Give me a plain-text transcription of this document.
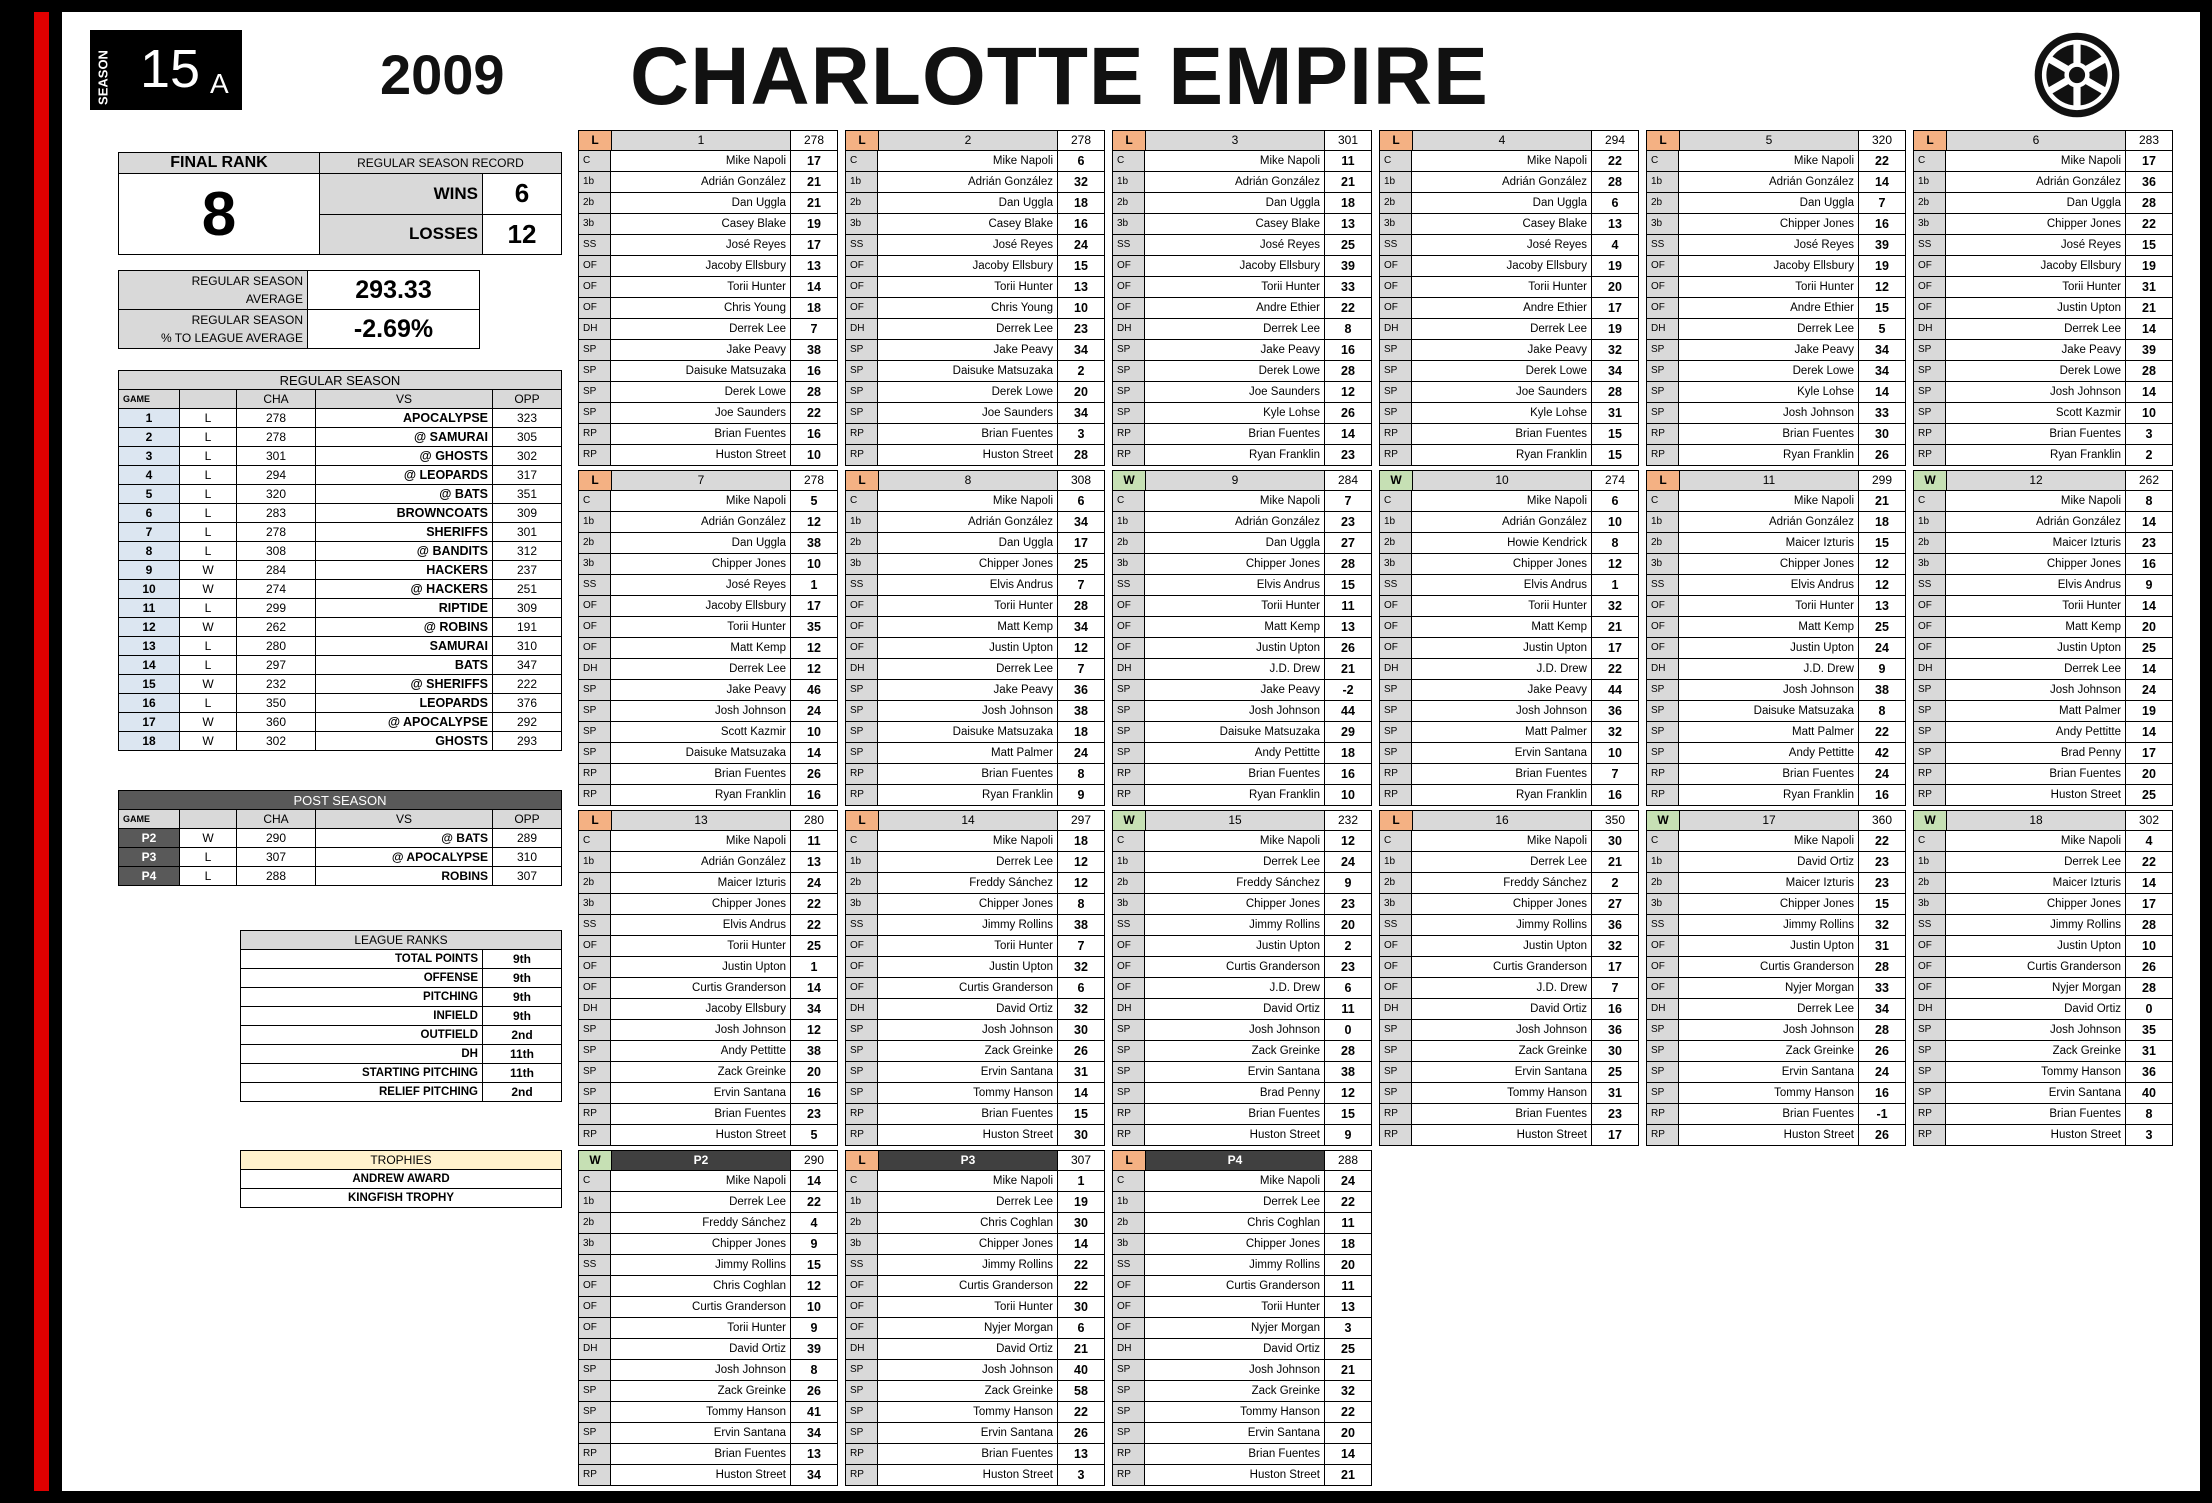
SEASON 15 A	2009 CHARLOTTE EMPIRE
FINAL RANK	REGULAR SEASON RECORD	
8	WINS	6
	LOSSES	12
REGULAR SEASON
AVERAGE	293.33
REGULAR SEASON
% TO LEAGUE AVERAGE	-2.69%
REGULAR SEASON				
GAME		CHA	VS	OPP
1	L	278	APOCALYPSE	323
2	L	278	@ SAMURAI	305
3	L	301	@ GHOSTS	302
4	L	294	@ LEOPARDS	317
5	L	320	@ BATS	351
6	L	283	BROWNCOATS	309
7	L	278	SHERIFFS	301
8	L	308	@ BANDITS	312
9	W	284	HACKERS	237
10	W	274	@ HACKERS	251
11	L	299	RIPTIDE	309
12	W	262	@ ROBINS	191
13	L	280	SAMURAI	310
14	L	297	BATS	347
15	W	232	@ SHERIFFS	222
16	L	350	LEOPARDS	376
17	W	360	@ APOCALYPSE	292
18	W	302	GHOSTS	293
POST SEASON				
GAME		CHA	VS	OPP
P2	W	290	@ BATS	289
P3	L	307	@ APOCALYPSE	310
P4	L	288	ROBINS	307
LEAGUE RANKS	
TOTAL POINTS	9th
OFFENSE	9th
PITCHING	9th
INFIELD	9th
OUTFIELD	2nd
DH	11th
STARTING PITCHING	11th
RELIEF PITCHING	2nd
TROPHIES
ANDREW AWARD
KINGFISH TROPHY
L	1	278
C	Mike Napoli	17
1b	Adrián González	21
2b	Dan Uggla	21
3b	Casey Blake	19
SS	José Reyes	17
OF	Jacoby Ellsbury	13
OF	Torii Hunter	14
OF	Chris Young	18
DH	Derrek Lee	7
SP	Jake Peavy	38
SP	Daisuke Matsuzaka	16
SP	Derek Lowe	28
SP	Joe Saunders	22
RP	Brian Fuentes	16
RP	Huston Street	10
L	2	278
C	Mike Napoli	6
1b	Adrián González	32
2b	Dan Uggla	18
3b	Casey Blake	16
SS	José Reyes	24
OF	Jacoby Ellsbury	15
OF	Torii Hunter	13
OF	Chris Young	10
DH	Derrek Lee	23
SP	Jake Peavy	34
SP	Daisuke Matsuzaka	2
SP	Derek Lowe	20
SP	Joe Saunders	34
RP	Brian Fuentes	3
RP	Huston Street	28
L	3	301
C	Mike Napoli	11
1b	Adrián González	21
2b	Dan Uggla	18
3b	Casey Blake	13
SS	José Reyes	25
OF	Jacoby Ellsbury	39
OF	Torii Hunter	33
OF	Andre Ethier	22
DH	Derrek Lee	8
SP	Jake Peavy	16
SP	Derek Lowe	28
SP	Joe Saunders	12
SP	Kyle Lohse	26
RP	Brian Fuentes	14
RP	Ryan Franklin	23
L	4	294
C	Mike Napoli	22
1b	Adrián González	28
2b	Dan Uggla	6
3b	Casey Blake	13
SS	José Reyes	4
OF	Jacoby Ellsbury	19
OF	Torii Hunter	20
OF	Andre Ethier	17
DH	Derrek Lee	19
SP	Jake Peavy	32
SP	Derek Lowe	34
SP	Joe Saunders	28
SP	Kyle Lohse	31
RP	Brian Fuentes	15
RP	Ryan Franklin	15
L	5	320
C	Mike Napoli	22
1b	Adrián González	14
2b	Dan Uggla	7
3b	Chipper Jones	16
SS	José Reyes	39
OF	Jacoby Ellsbury	19
OF	Torii Hunter	12
OF	Andre Ethier	15
DH	Derrek Lee	5
SP	Jake Peavy	34
SP	Derek Lowe	34
SP	Kyle Lohse	14
SP	Josh Johnson	33
RP	Brian Fuentes	30
RP	Ryan Franklin	26
L	6	283
C	Mike Napoli	17
1b	Adrián González	36
2b	Dan Uggla	28
3b	Chipper Jones	22
SS	José Reyes	15
OF	Jacoby Ellsbury	19
OF	Torii Hunter	31
OF	Justin Upton	21
DH	Derrek Lee	14
SP	Jake Peavy	39
SP	Derek Lowe	28
SP	Josh Johnson	14
SP	Scott Kazmir	10
RP	Brian Fuentes	3
RP	Ryan Franklin	2
L	7	278
C	Mike Napoli	5
1b	Adrián González	12
2b	Dan Uggla	38
3b	Chipper Jones	10
SS	José Reyes	1
OF	Jacoby Ellsbury	17
OF	Torii Hunter	35
OF	Matt Kemp	12
DH	Derrek Lee	12
SP	Jake Peavy	46
SP	Josh Johnson	24
SP	Scott Kazmir	10
SP	Daisuke Matsuzaka	14
RP	Brian Fuentes	26
RP	Ryan Franklin	16
L	8	308
C	Mike Napoli	6
1b	Adrián González	34
2b	Dan Uggla	17
3b	Chipper Jones	25
SS	Elvis Andrus	7
OF	Torii Hunter	28
OF	Matt Kemp	34
OF	Justin Upton	12
DH	Derrek Lee	7
SP	Jake Peavy	36
SP	Josh Johnson	38
SP	Daisuke Matsuzaka	18
SP	Matt Palmer	24
RP	Brian Fuentes	8
RP	Ryan Franklin	9
W	9	284
C	Mike Napoli	7
1b	Adrián González	23
2b	Dan Uggla	27
3b	Chipper Jones	28
SS	Elvis Andrus	15
OF	Torii Hunter	11
OF	Matt Kemp	13
OF	Justin Upton	26
DH	J.D. Drew	21
SP	Jake Peavy	-2
SP	Josh Johnson	44
SP	Daisuke Matsuzaka	29
SP	Andy Pettitte	18
RP	Brian Fuentes	16
RP	Ryan Franklin	10
W	10	274
C	Mike Napoli	6
1b	Adrián González	10
2b	Howie Kendrick	8
3b	Chipper Jones	12
SS	Elvis Andrus	1
OF	Torii Hunter	32
OF	Matt Kemp	21
OF	Justin Upton	17
DH	J.D. Drew	22
SP	Jake Peavy	44
SP	Josh Johnson	36
SP	Matt Palmer	32
SP	Ervin Santana	10
RP	Brian Fuentes	7
RP	Ryan Franklin	16
L	11	299
C	Mike Napoli	21
1b	Adrián González	18
2b	Maicer Izturis	15
3b	Chipper Jones	12
SS	Elvis Andrus	12
OF	Torii Hunter	13
OF	Matt Kemp	25
OF	Justin Upton	24
DH	J.D. Drew	9
SP	Josh Johnson	38
SP	Daisuke Matsuzaka	8
SP	Matt Palmer	22
SP	Andy Pettitte	42
RP	Brian Fuentes	24
RP	Ryan Franklin	16
W	12	262
C	Mike Napoli	8
1b	Adrián González	14
2b	Maicer Izturis	23
3b	Chipper Jones	16
SS	Elvis Andrus	9
OF	Torii Hunter	14
OF	Matt Kemp	20
OF	Justin Upton	25
DH	Derrek Lee	14
SP	Josh Johnson	24
SP	Matt Palmer	19
SP	Andy Pettitte	14
SP	Brad Penny	17
RP	Brian Fuentes	20
RP	Huston Street	25
L	13	280
C	Mike Napoli	11
1b	Adrián González	13
2b	Maicer Izturis	24
3b	Chipper Jones	22
SS	Elvis Andrus	22
OF	Torii Hunter	25
OF	Justin Upton	1
OF	Curtis Granderson	14
DH	Jacoby Ellsbury	34
SP	Josh Johnson	12
SP	Andy Pettitte	38
SP	Zack Greinke	20
SP	Ervin Santana	16
RP	Brian Fuentes	23
RP	Huston Street	5
L	14	297
C	Mike Napoli	18
1b	Derrek Lee	12
2b	Freddy Sánchez	12
3b	Chipper Jones	8
SS	Jimmy Rollins	38
OF	Torii Hunter	7
OF	Justin Upton	32
OF	Curtis Granderson	6
DH	David Ortiz	32
SP	Josh Johnson	30
SP	Zack Greinke	26
SP	Ervin Santana	31
SP	Tommy Hanson	14
RP	Brian Fuentes	15
RP	Huston Street	30
W	15	232
C	Mike Napoli	12
1b	Derrek Lee	24
2b	Freddy Sánchez	9
3b	Chipper Jones	23
SS	Jimmy Rollins	20
OF	Justin Upton	2
OF	Curtis Granderson	23
OF	J.D. Drew	6
DH	David Ortiz	11
SP	Josh Johnson	0
SP	Zack Greinke	28
SP	Ervin Santana	38
SP	Brad Penny	12
RP	Brian Fuentes	15
RP	Huston Street	9
L	16	350
C	Mike Napoli	30
1b	Derrek Lee	21
2b	Freddy Sánchez	2
3b	Chipper Jones	27
SS	Jimmy Rollins	36
OF	Justin Upton	32
OF	Curtis Granderson	17
OF	J.D. Drew	7
DH	David Ortiz	16
SP	Josh Johnson	36
SP	Zack Greinke	30
SP	Ervin Santana	25
SP	Tommy Hanson	31
RP	Brian Fuentes	23
RP	Huston Street	17
W	17	360
C	Mike Napoli	22
1b	David Ortiz	23
2b	Maicer Izturis	23
3b	Chipper Jones	15
SS	Jimmy Rollins	32
OF	Justin Upton	31
OF	Curtis Granderson	28
OF	Nyjer Morgan	33
DH	Derrek Lee	34
SP	Josh Johnson	28
SP	Zack Greinke	26
SP	Ervin Santana	24
SP	Tommy Hanson	16
RP	Brian Fuentes	-1
RP	Huston Street	26
W	18	302
C	Mike Napoli	4
1b	Derrek Lee	22
2b	Maicer Izturis	14
3b	Chipper Jones	17
SS	Jimmy Rollins	28
OF	Justin Upton	10
OF	Curtis Granderson	26
OF	Nyjer Morgan	28
DH	David Ortiz	0
SP	Josh Johnson	35
SP	Zack Greinke	31
SP	Tommy Hanson	36
SP	Ervin Santana	40
RP	Brian Fuentes	8
RP	Huston Street	3
W	P2	290
C	Mike Napoli	14
1b	Derrek Lee	22
2b	Freddy Sánchez	4
3b	Chipper Jones	9
SS	Jimmy Rollins	15
OF	Chris Coghlan	12
OF	Curtis Granderson	10
OF	Torii Hunter	9
DH	David Ortiz	39
SP	Josh Johnson	8
SP	Zack Greinke	26
SP	Tommy Hanson	41
SP	Ervin Santana	34
RP	Brian Fuentes	13
RP	Huston Street	34
L	P3	307
C	Mike Napoli	1
1b	Derrek Lee	19
2b	Chris Coghlan	30
3b	Chipper Jones	14
SS	Jimmy Rollins	22
OF	Curtis Granderson	22
OF	Torii Hunter	30
OF	Nyjer Morgan	6
DH	David Ortiz	21
SP	Josh Johnson	40
SP	Zack Greinke	58
SP	Tommy Hanson	22
SP	Ervin Santana	26
RP	Brian Fuentes	13
RP	Huston Street	3
L	P4	288
C	Mike Napoli	24
1b	Derrek Lee	22
2b	Chris Coghlan	11
3b	Chipper Jones	18
SS	Jimmy Rollins	20
OF	Curtis Granderson	11
OF	Torii Hunter	13
OF	Nyjer Morgan	3
DH	David Ortiz	25
SP	Josh Johnson	21
SP	Zack Greinke	32
SP	Tommy Hanson	22
SP	Ervin Santana	20
RP	Brian Fuentes	14
RP	Huston Street	21
